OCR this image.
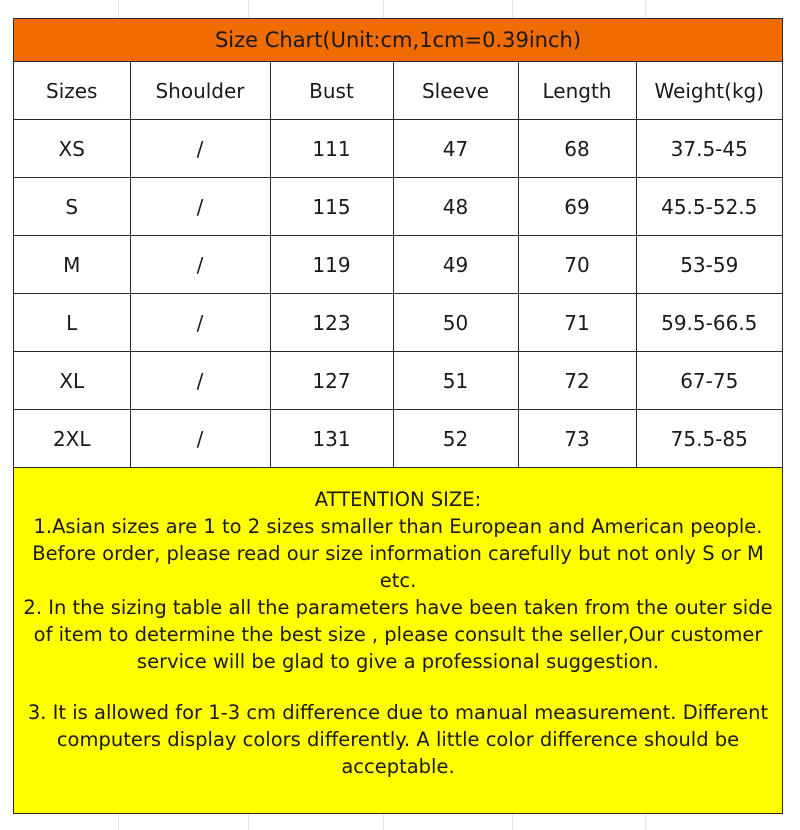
Size Chart(Unit:cm,1cm=0.39inch)
Sizes	Shoulder	Bust	Sleeve	Length	Weight(kg)
XS	/	111	47	68	37.5-45
S	/	115	48	69	45.5-52.5
M	/	119	49	70	53-59
L	/	123	50	71	59.5-66.5
XL	/	127	51	72	67-75
2XL	/	131	52	73	75.5-85

ATTENTION SIZE:

1.Asian sizes are 1 to 2 sizes smaller than European and American people. Before order, please read our size information carefully but not only S or M etc.

2. In the sizing table all the parameters have been taken from the outer side of item to determine the best size , please consult the seller,Our customer service will be glad to give a professional suggestion.

3. It is allowed for 1-3 cm difference due to manual measurement. Different computers display colors differently. A little color difference should be acceptable.
